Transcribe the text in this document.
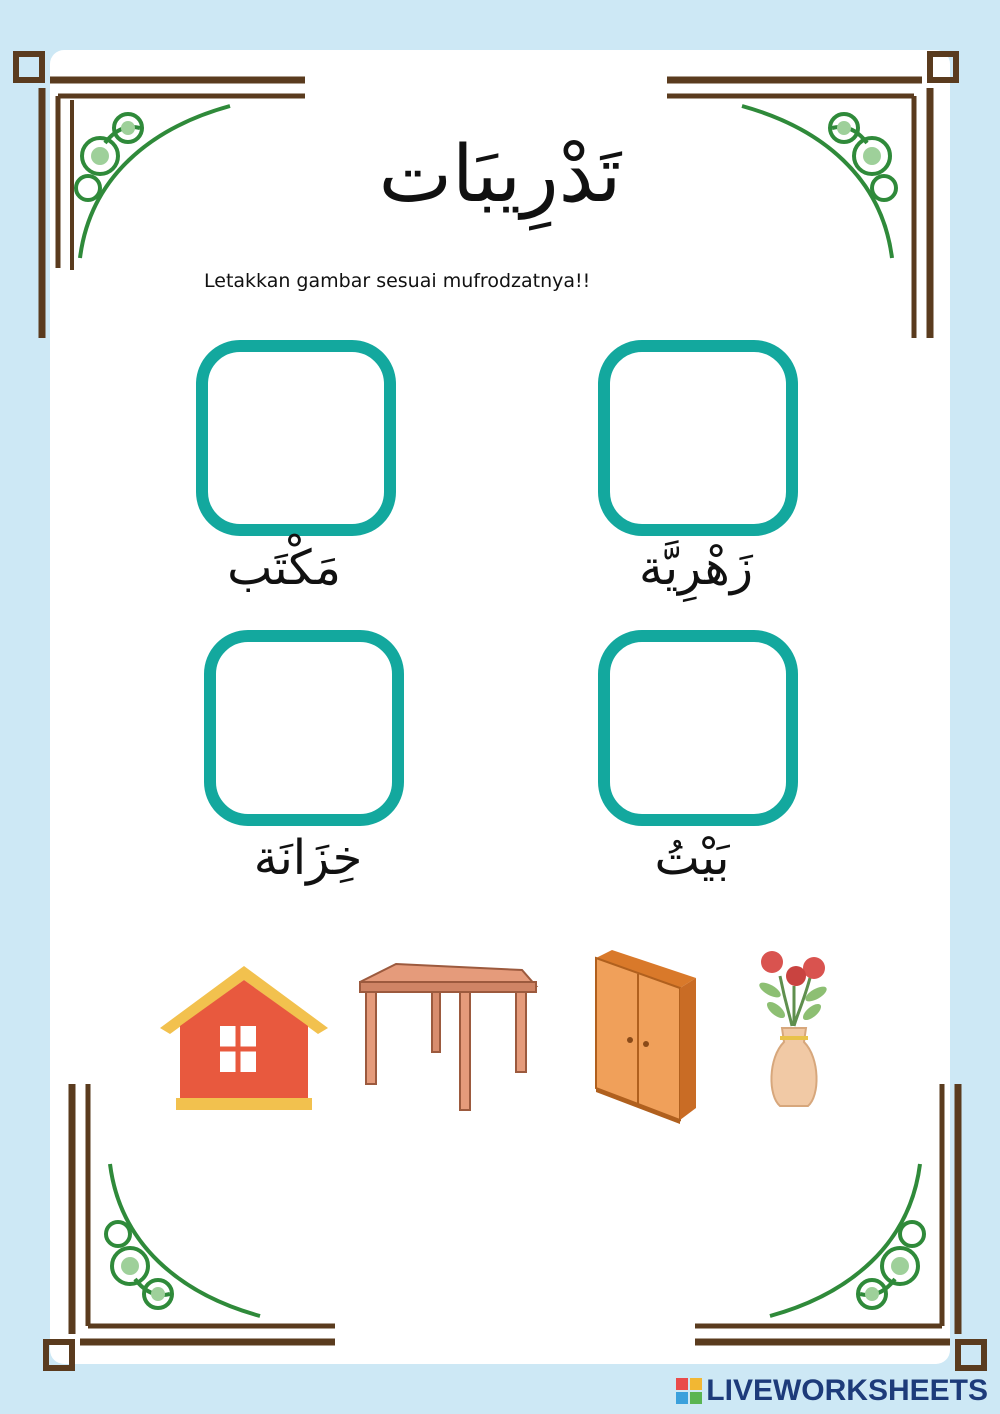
تَدْرِيبَات
Letakkan gambar sesuai mufrodzatnya!!
مَكْتَب	زَهْرِيَّة
خِزَانَة	بَيْتُ
LIVEWORKSHEETS
